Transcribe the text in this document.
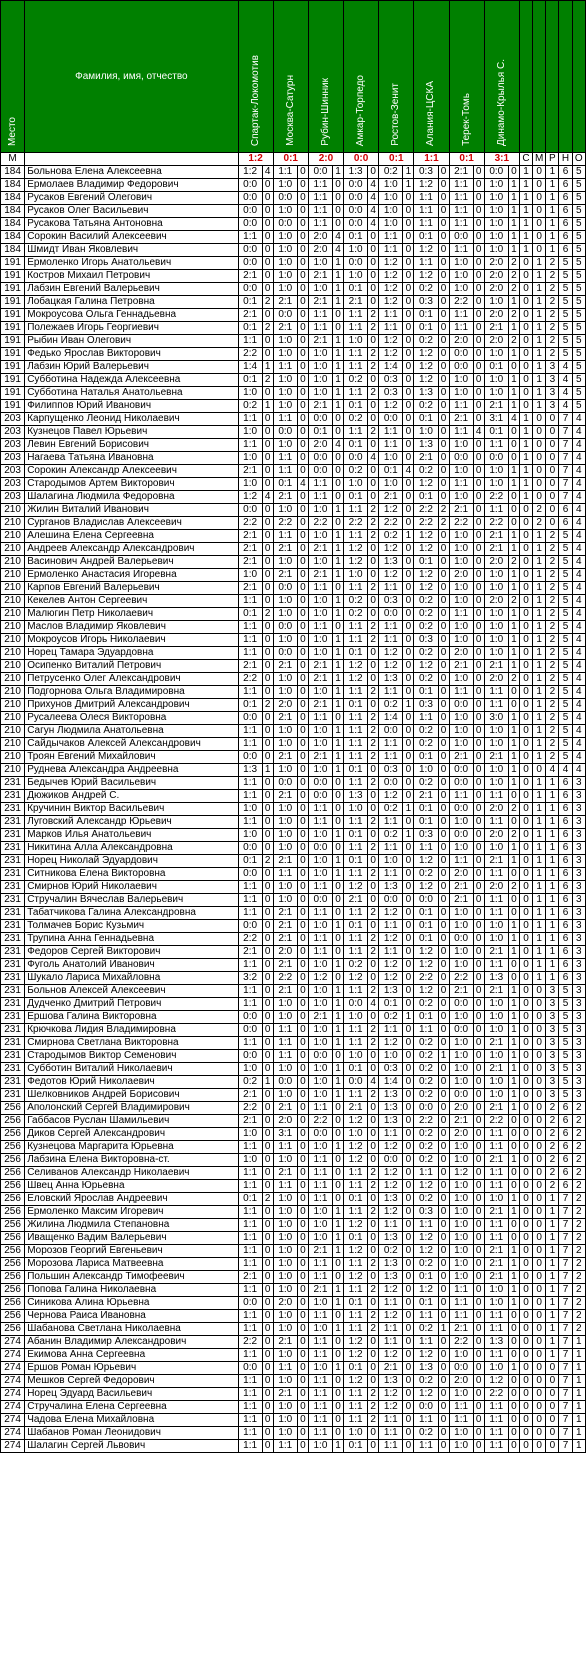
Место	Фамилия, имя, отчество	Спартак-Локомотив		Москва-Сатурн		Рубин-Шинник		Амкар-Торпедо		Ростов-Зенит		Алания-ЦСКА		Терек-Томь		Динамо-Крылья С.						
М		1:2		0:1		2:0		0:0		0:1		1:1		0:1		3:1		С	М	Р	Н	О
184	Больнова Елена Алексеевна	1:2	4	1:1	0	0:0	1	1:3	0	0:2	1	0:3	0	2:1	0	0:0	0	1	0	1	6	5
184	Ермолаев Владимир Федорович	0:0	0	1:0	0	1:1	0	0:0	4	1:0	1	1:2	0	1:1	0	1:0	1	1	0	1	6	5
184	Русаков Евгений Олегович	0:0	0	0:0	0	1:1	0	0:0	4	1:0	0	1:1	0	1:1	0	1:0	1	1	0	1	6	5
184	Русаков Олег Васильевич	0:0	0	1:0	0	1:1	0	0:0	4	1:0	0	1:1	0	1:1	0	1:0	1	1	0	1	6	5
184	Русакова Татьяна Антоновна	0:0	0	0:0	0	1:1	0	0:0	4	1:0	0	1:1	0	1:1	0	1:0	1	1	0	1	6	5
184	Сорокин Василий Алексеевич	1:1	0	1:0	0	2:0	4	0:1	0	1:1	0	0:1	0	0:0	0	1:0	1	1	0	1	6	5
184	Шмидт Иван Яковлевич	0:0	0	1:0	0	2:0	4	1:0	0	1:1	0	1:2	0	1:1	0	1:0	1	1	0	1	6	5
191	Ермоленко Игорь Анатольевич	0:0	0	1:0	0	1:0	1	0:0	0	1:2	0	1:1	0	1:0	0	2:0	2	0	1	2	5	5
191	Костров Михаил Петрович	2:1	0	1:0	0	2:1	1	1:0	0	1:2	0	1:2	0	1:0	0	2:0	2	0	1	2	5	5
191	Лабзин Евгений Валерьевич	0:0	0	1:0	0	1:0	1	0:1	0	1:2	0	0:2	0	1:0	0	2:0	2	0	1	2	5	5
191	Лобацкая Галина Петровна	0:1	2	2:1	0	2:1	1	2:1	0	1:2	0	0:3	0	2:2	0	1:0	1	0	1	2	5	5
191	Мокроусова Ольга Геннадьевна	2:1	0	0:0	0	1:1	0	1:1	2	1:1	0	0:1	0	1:1	0	2:0	2	0	1	2	5	5
191	Полежаев Игорь Георгиевич	0:1	2	2:1	0	1:1	0	1:1	2	1:1	0	0:1	0	1:1	0	2:1	1	0	1	2	5	5
191	Рыбин Иван Олегович	1:1	0	1:0	0	2:1	1	1:0	0	1:2	0	0:2	0	2:0	0	2:0	2	0	1	2	5	5
191	Федько Ярослав Викторович	2:2	0	1:0	0	1:0	1	1:1	2	1:2	0	1:2	0	0:0	0	1:0	1	0	1	2	5	5
191	Лабзин Юрий Валерьевич	1:4	1	1:1	0	1:0	1	1:1	2	1:4	0	1:2	0	0:0	0	0:1	0	0	1	3	4	5
191	Субботина Надежда Алексеевна	0:1	2	1:0	0	1:0	1	0:2	0	0:3	0	1:2	0	1:0	0	1:0	1	0	1	3	4	5
191	Субботина Наталья Анатольевна	1:0	0	1:0	0	1:0	1	1:1	2	0:3	0	1:3	0	1:0	0	1:0	1	0	1	3	4	5
191	Филиппов Юрий Иванович	0:2	1	1:0	0	2:1	1	0:1	0	1:2	0	0:2	0	1:1	0	2:1	1	0	1	3	4	5
203	Карпущенко Леонид Николаевич	1:1	0	1:1	0	0:0	0	0:2	0	0:0	0	0:1	0	2:1	0	3:1	4	1	0	0	7	4
203	Кузнецов Павел Юрьевич	1:0	0	0:0	0	0:1	0	1:1	2	1:1	0	1:0	0	1:1	4	0:1	0	1	0	0	7	4
203	Левин Евгений Борисович	1:1	0	1:0	0	2:0	4	0:1	0	1:1	0	1:3	0	1:0	0	1:1	0	1	0	0	7	4
203	Нагаева Татьяна Ивановна	1:0	0	1:1	0	0:0	0	0:0	4	1:0	0	2:1	0	0:0	0	0:0	0	1	0	0	7	4
203	Сорокин Александр Алексеевич	2:1	0	1:1	0	0:0	0	0:2	0	0:1	4	0:2	0	1:0	0	1:0	1	1	0	0	7	4
203	Стародымов Артем Викторович	1:0	0	0:1	4	1:1	0	1:0	0	1:0	0	1:2	0	1:1	0	1:0	1	1	0	0	7	4
203	Шалагина Людмила Федоровна	1:2	4	2:1	0	1:1	0	0:1	0	2:1	0	0:1	0	1:0	0	2:2	0	1	0	0	7	4
210	Жилин Виталий Иванович	0:0	0	1:0	0	1:0	1	1:1	2	1:2	0	2:2	2	2:1	0	1:1	0	0	2	0	6	4
210	Сурганов Владислав Алексеевич	2:2	0	2:2	0	2:2	0	2:2	2	2:2	0	2:2	2	2:2	0	2:2	0	0	2	0	6	4
210	Алешина Елена Сергеевна	2:1	0	1:1	0	1:0	1	1:1	2	0:2	1	1:2	0	1:0	0	2:1	1	0	1	2	5	4
210	Андреев Александр Александрович	2:1	0	2:1	0	2:1	1	1:2	0	1:2	0	1:2	0	1:0	0	2:1	1	0	1	2	5	4
210	Васинович Андрей Валерьевич	2:1	0	1:0	0	1:0	1	1:2	0	1:3	0	0:1	0	1:0	0	2:0	2	0	1	2	5	4
210	Ермоленко Анастасия Игоревна	1:0	0	2:1	0	2:1	1	1:0	0	1:2	0	1:2	0	2:0	0	1:0	1	0	1	2	5	4
210	Карпов Евгений Валерьевич	2:1	0	0:0	0	1:1	0	1:1	2	1:1	0	1:2	0	1:0	0	1:0	1	0	1	2	5	4
210	Кекелев Антон Сергеевич	1:1	0	1:0	0	1:0	1	0:2	0	0:3	0	0:2	0	1:0	0	2:0	2	0	1	2	5	4
210	Малюгин Петр Николаевич	0:1	2	1:0	0	1:0	1	0:2	0	0:0	0	0:2	0	1:1	0	1:0	1	0	1	2	5	4
210	Маслов Владимир Яковлевич	1:1	0	0:0	0	1:1	0	1:1	2	1:1	0	0:2	0	1:0	0	1:0	1	0	1	2	5	4
210	Мокроусов Игорь Николаевич	1:1	0	1:0	0	1:0	1	1:1	2	1:1	0	0:3	0	1:0	0	1:0	1	0	1	2	5	4
210	Норец Тамара Эдуардовна	1:1	0	0:0	0	1:0	1	0:1	0	1:2	0	0:2	0	2:0	0	1:0	1	0	1	2	5	4
210	Осипенко Виталий Петрович	2:1	0	2:1	0	2:1	1	1:2	0	1:2	0	1:2	0	2:1	0	2:1	1	0	1	2	5	4
210	Петрусенко Олег Александрович	2:2	0	1:0	0	2:1	1	1:2	0	1:3	0	0:2	0	1:0	0	2:0	2	0	1	2	5	4
210	Подгорнова Ольга Владимировна	1:1	0	1:0	0	1:0	1	1:1	2	1:1	0	0:1	0	1:1	0	1:1	0	0	1	2	5	4
210	Прихунов Дмитрий Александрович	0:1	2	2:0	0	2:1	1	0:1	0	0:2	1	0:3	0	0:0	0	1:1	0	0	1	2	5	4
210	Русалеева Олеся Викторовна	0:0	0	2:1	0	1:1	0	1:1	2	1:4	0	1:1	0	1:0	0	3:0	1	0	1	2	5	4
210	Сагун Людмила Анатольевна	1:1	0	1:0	0	1:0	1	1:1	2	0:0	0	0:2	0	1:0	0	1:0	1	0	1	2	5	4
210	Сайдычаков Алексей Александрович	1:1	0	1:0	0	1:0	1	1:1	2	1:1	0	0:2	0	1:0	0	1:0	1	0	1	2	5	4
210	Троян Евгений Михайлович	0:0	0	2:1	0	2:1	1	1:1	2	1:1	0	0:1	0	2:1	0	2:1	1	0	1	2	5	4
210	Руднева Александра Андреевна	1:3	1	1:0	0	1:0	1	0:1	0	0:3	0	1:0	0	0:0	0	1:0	1	0	0	4	4	4
231	Бедычев Юрий Васильевич	1:1	0	0:0	0	0:0	0	1:1	2	0:0	0	0:2	0	0:0	0	1:0	1	0	1	1	6	3
231	Дюжиков Андрей С.	1:1	0	2:1	0	0:0	0	1:3	0	1:2	0	2:1	0	1:1	0	1:1	0	0	1	1	6	3
231	Кручинин Виктор Васильевич	1:0	0	1:0	0	1:1	0	1:0	0	0:2	1	0:1	0	0:0	0	2:0	2	0	1	1	6	3
231	Луговский Александр Юрьевич	1:1	0	1:0	0	1:1	0	1:1	2	1:1	0	0:1	0	1:0	0	1:1	0	0	1	1	6	3
231	Марков Илья Анатольевич	1:0	0	1:0	0	1:0	1	0:1	0	0:2	1	0:3	0	0:0	0	2:0	2	0	1	1	6	3
231	Никитина Алла Александровна	0:0	0	1:0	0	0:0	0	1:1	2	1:1	0	1:1	0	1:0	0	1:0	1	0	1	1	6	3
231	Норец Николай Эдуардович	0:1	2	2:1	0	1:0	1	0:1	0	1:0	0	1:2	0	1:1	0	2:1	1	0	1	1	6	3
231	Ситникова Елена Викторовна	0:0	0	1:1	0	1:0	1	1:1	2	1:1	0	0:2	0	2:0	0	1:1	0	0	1	1	6	3
231	Смирнов Юрий Николаевич	1:1	0	1:0	0	1:1	0	1:2	0	1:3	0	1:2	0	2:1	0	2:0	2	0	1	1	6	3
231	Стручалин Вячеслав Валерьевич	1:1	0	1:0	0	0:0	0	2:1	0	0:0	0	0:0	0	2:1	0	1:1	0	0	1	1	6	3
231	Табатчикова Галина Александровна	1:1	0	2:1	0	1:1	0	1:1	2	1:2	0	0:1	0	1:0	0	1:1	0	0	1	1	6	3
231	Толмачев Борис Кузьмич	0:0	0	2:1	0	1:0	1	0:1	0	1:1	0	0:1	0	1:0	0	1:0	1	0	1	1	6	3
231	Трупина Анна Геннадьевна	2:2	0	2:1	0	1:1	0	1:1	2	1:2	0	0:1	0	0:0	0	1:0	1	0	1	1	6	3
231	Федоров Сергей Викторович	2:1	0	2:0	0	1:1	0	1:1	2	1:1	0	1:2	0	1:0	0	2:1	1	0	1	1	6	3
231	Фуголь Анатолий Иванович	1:1	0	2:1	0	1:0	1	0:2	0	1:2	0	1:2	0	1:0	0	1:1	0	0	1	1	6	3
231	Шукало Лариса Михайловна	3:2	0	2:2	0	1:2	0	1:2	0	1:2	0	2:2	0	2:2	0	1:3	0	0	1	1	6	3
231	Больнов Алексей Алексеевич	1:1	0	2:1	0	1:0	1	1:1	2	1:3	0	1:2	0	2:1	0	2:1	1	0	0	3	5	3
231	Дудченко Дмитрий Петрович	1:1	0	1:0	0	1:0	1	0:0	4	0:1	0	0:2	0	0:0	0	1:0	1	0	0	3	5	3
231	Ершова Галина Викторовна	0:0	0	1:0	0	2:1	1	1:0	0	0:2	1	0:1	0	1:0	0	1:0	1	0	0	3	5	3
231	Крючкова Лидия Владимировна	0:0	0	1:1	0	1:0	1	1:1	2	1:1	0	1:1	0	0:0	0	1:0	1	0	0	3	5	3
231	Смирнова Светлана Викторовна	1:1	0	1:1	0	1:0	1	1:1	2	1:2	0	0:2	0	1:0	0	2:1	1	0	0	3	5	3
231	Стародымов Виктор Семенович	0:0	0	1:1	0	0:0	0	1:0	0	1:0	0	0:2	1	1:0	0	1:0	1	0	0	3	5	3
231	Субботин Виталий Николаевич	1:0	0	1:0	0	1:0	1	0:1	0	0:3	0	0:2	0	1:0	0	2:1	1	0	0	3	5	3
231	Федотов Юрий Николаевич	0:2	1	0:0	0	1:0	1	0:0	4	1:4	0	0:2	0	1:0	0	1:0	1	0	0	3	5	3
231	Шелковников Андрей Борисович	2:1	0	1:0	0	1:0	1	1:1	2	1:3	0	0:2	0	0:0	0	1:0	1	0	0	3	5	3
256	Аполонский Сергей Владимирович	2:2	0	2:1	0	1:1	0	2:1	0	1:3	0	0:0	0	2:0	0	2:1	1	0	0	2	6	2
256	Габбасов Руслан Шамильевич	2:1	0	2:0	0	2:2	0	1:2	0	1:3	0	2:2	0	2:1	0	2:2	0	0	0	2	6	2
256	Диков Сергей Александрович	1:0	0	3:1	0	0:0	0	1:0	0	1:1	0	0:2	0	2:0	0	1:1	0	0	0	2	6	2
256	Кузнецова Маргарита Юрьевна	1:1	0	1:1	0	1:0	1	1:2	0	1:2	0	0:2	0	1:0	0	1:1	0	0	0	2	6	2
256	Лабзина Елена Викторовна-ст.	1:0	0	1:0	0	1:1	0	1:2	0	0:0	0	0:2	0	1:0	0	2:1	1	0	0	2	6	2
256	Селиванов Александр Николаевич	1:1	0	2:1	0	1:1	0	1:1	2	1:2	0	1:1	0	1:2	0	1:1	0	0	0	2	6	2
256	Швец Анна Юрьевна	1:1	0	1:1	0	1:1	0	1:1	2	1:2	0	1:2	0	1:0	0	1:1	0	0	0	2	6	2
256	Еловский Ярослав Андреевич	0:1	2	1:0	0	1:1	0	0:1	0	1:3	0	0:2	0	1:0	0	1:0	1	0	0	1	7	2
256	Ермоленко Максим Игоревич	1:1	0	1:0	0	1:0	1	1:1	2	1:2	0	0:3	0	1:0	0	2:1	1	0	0	1	7	2
256	Жилина Людмила Степановна	1:1	0	1:0	0	1:0	1	1:2	0	1:1	0	1:1	0	1:0	0	1:1	0	0	0	1	7	2
256	Иващенко Вадим Валерьевич	1:1	0	1:0	0	1:0	1	0:1	0	1:3	0	1:2	0	1:0	0	1:1	0	0	0	1	7	2
256	Морозов Георгий Евгеньевич	1:1	0	1:0	0	2:1	1	1:2	0	0:2	0	1:2	0	1:0	0	2:1	1	0	0	1	7	2
256	Морозова Лариса Матвеевна	1:1	0	1:0	0	1:1	0	1:1	2	1:3	0	0:2	0	1:0	0	2:1	1	0	0	1	7	2
256	Польшин Александр Тимофеевич	2:1	0	1:0	0	1:1	0	1:2	0	1:3	0	0:1	0	1:0	0	2:1	1	0	0	1	7	2
256	Попова Галина Николаевна	1:1	0	1:0	0	2:1	1	1:1	2	1:2	0	1:2	0	1:1	0	1:0	1	0	0	1	7	2
256	Синикова Алина Юрьевна	0:0	0	2:0	0	1:0	1	0:1	0	1:1	0	0:1	0	1:1	0	1:0	1	0	0	1	7	2
256	Чернова Раиса Ивановна	1:1	0	1:0	0	1:1	0	1:1	2	1:2	0	1:1	0	1:1	0	1:1	0	0	0	1	7	2
256	Шабанова Светлана Николаевна	1:1	0	1:0	0	1:0	1	1:1	2	1:1	0	0:2	1	2:1	0	1:1	0	0	0	1	7	2
274	Абанин Владимир Александрович	2:2	0	2:1	0	1:1	0	1:2	0	1:1	0	1:1	0	2:2	0	1:3	0	0	0	1	7	1
274	Екимова Анна Сергеевна	1:1	0	1:0	0	1:1	0	1:2	0	1:2	0	1:2	0	1:0	0	1:1	0	0	0	1	7	1
274	Ершов Роман Юрьевич	0:0	0	1:1	0	1:0	1	0:1	0	2:1	0	1:3	0	0:0	0	1:0	1	0	0	0	7	1
274	Мешков Сергей Федорович	1:1	0	1:0	0	1:1	0	1:2	0	1:3	0	0:2	0	2:0	0	1:2	0	0	0	0	7	1
274	Норец Эдуард Васильевич	1:1	0	2:1	0	1:1	0	1:1	2	1:2	0	1:2	0	1:0	0	2:2	0	0	0	0	7	1
274	Стручалина Елена Сергеевна	1:1	0	1:0	0	1:1	0	1:1	2	1:2	0	0:0	0	1:1	0	1:1	0	0	0	0	7	1
274	Чадова Елена Михайловна	1:1	0	1:0	0	1:1	0	1:1	2	1:1	0	1:1	0	1:1	0	1:1	0	0	0	0	7	1
274	Шабанов Роман Леонидович	1:1	0	1:0	0	1:1	0	1:0	0	1:1	0	0:2	0	1:0	0	1:1	0	0	0	0	7	1
274	Шалагин Сергей Львович	1:1	0	1:1	0	1:0	1	0:1	0	1:1	0	1:1	0	1:0	0	1:1	0	0	0	0	7	1
